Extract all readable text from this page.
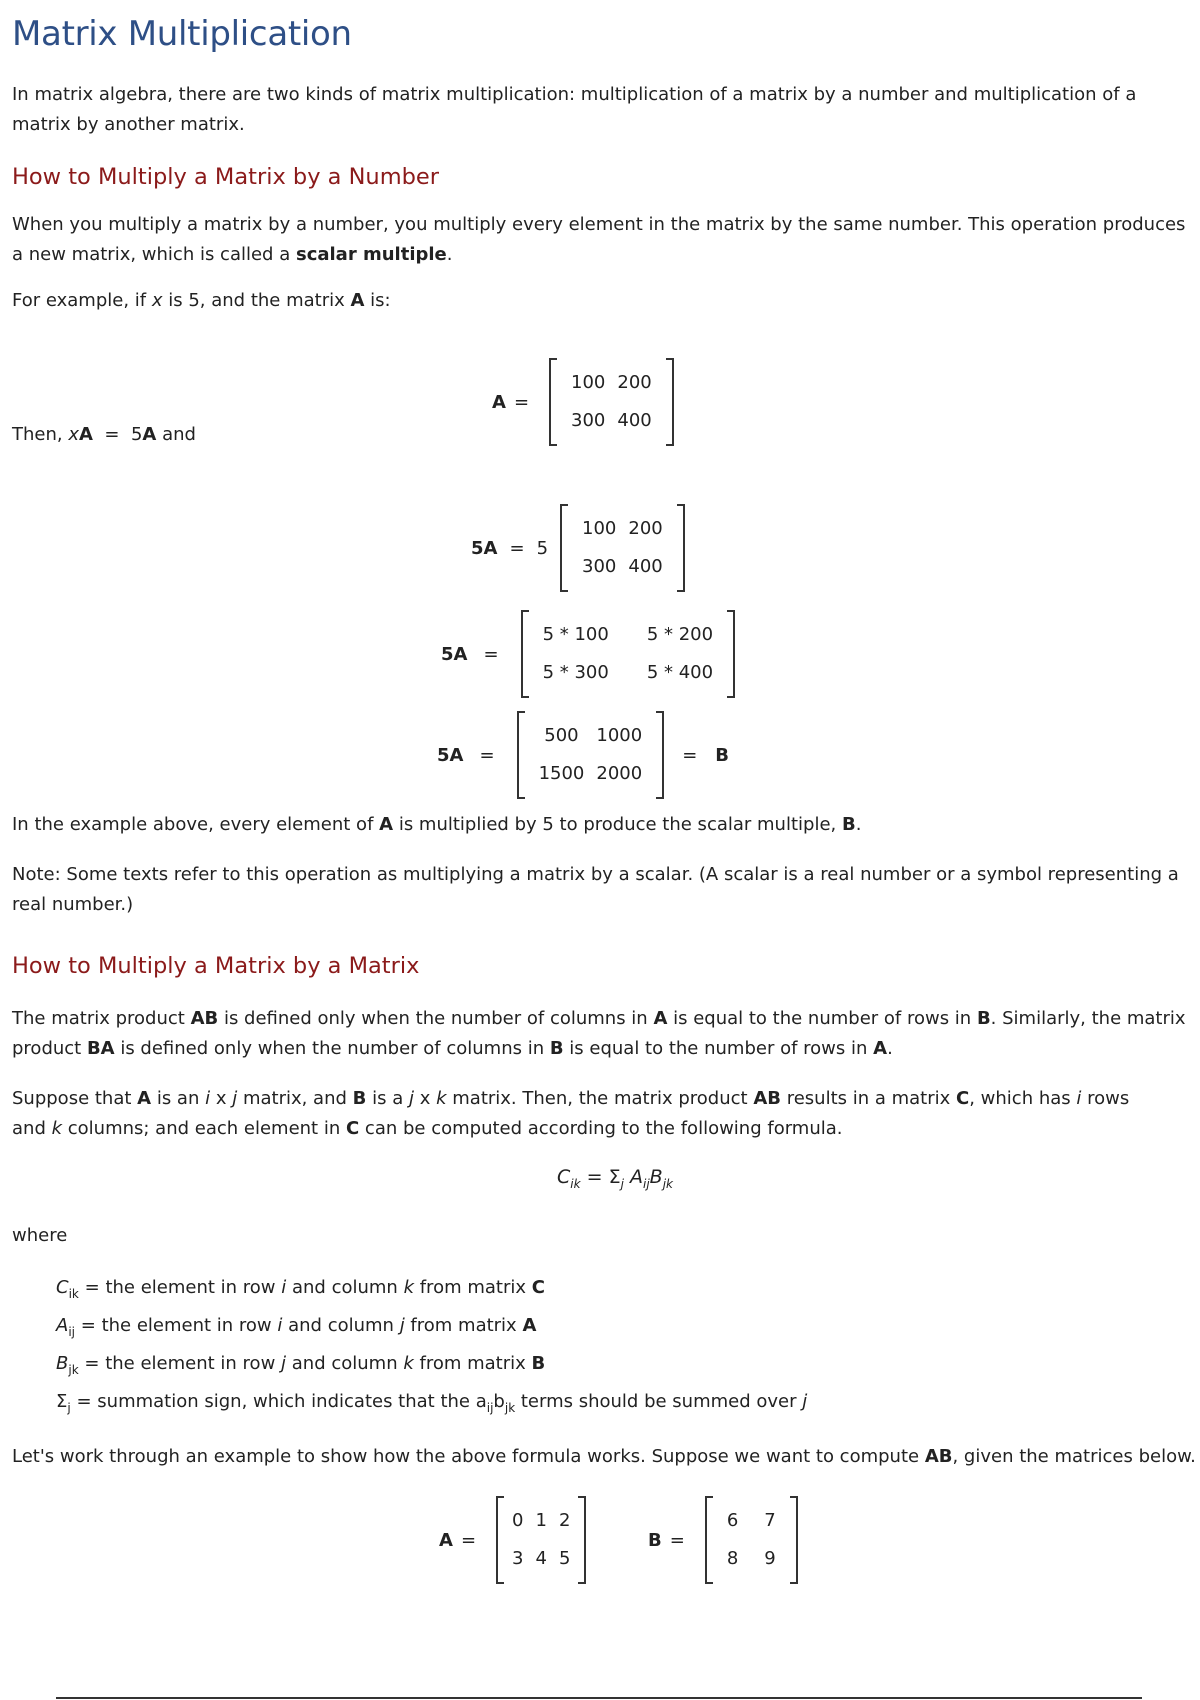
Matrix Multiplication

In matrix algebra, there are two kinds of matrix multiplication: multiplication of a matrix by a number and multiplication of a matrix by another matrix.

How to Multiply a Matrix by a Number

When you multiply a matrix by a number, you multiply every element in the matrix by the same number. This operation produces a new matrix, which is called a scalar multiple.

For example, if x is 5, and the matrix A is:

A =
100 200
300 400

Then, xA = 5A and

5A = 5
100 200
300 400
5A =
5 * 100	5 * 200
5 * 300	5 * 400
5A =
500 1000
1500 2000
= B

In the example above, every element of A is multiplied by 5 to produce the scalar multiple, B.

Note: Some texts refer to this operation as multiplying a matrix by a scalar. (A scalar is a real number or a symbol representing a real number.)

How to Multiply a Matrix by a Matrix

The matrix product AB is defined only when the number of columns in A is equal to the number of rows in B. Similarly, the matrix product BA is defined only when the number of columns in B is equal to the number of rows in A.

Suppose that A is an i x j matrix, and B is a j x k matrix. Then, the matrix product AB results in a matrix C, which has i rows
and k columns; and each element in C can be computed according to the following formula.
$C_{ik} = \Sigma_j$ $A_{ij}B_{jk}$

where

$C_{ik}$ = the element in row i and column k from matrix C
$A_{ij}$ = the element in row i and column j from matrix A
$B_{jk}$ = the element in row j and column k from matrix B
$\Sigma_j$ = summation sign, which indicates that the $a_{ij}b_{jk}$ terms should be summed over j

Let's work through an example to show how the above formula works. Suppose we want to compute AB, given the matrices below.

A =
0 1 2
3 4 5
B =
6	7
8	9
